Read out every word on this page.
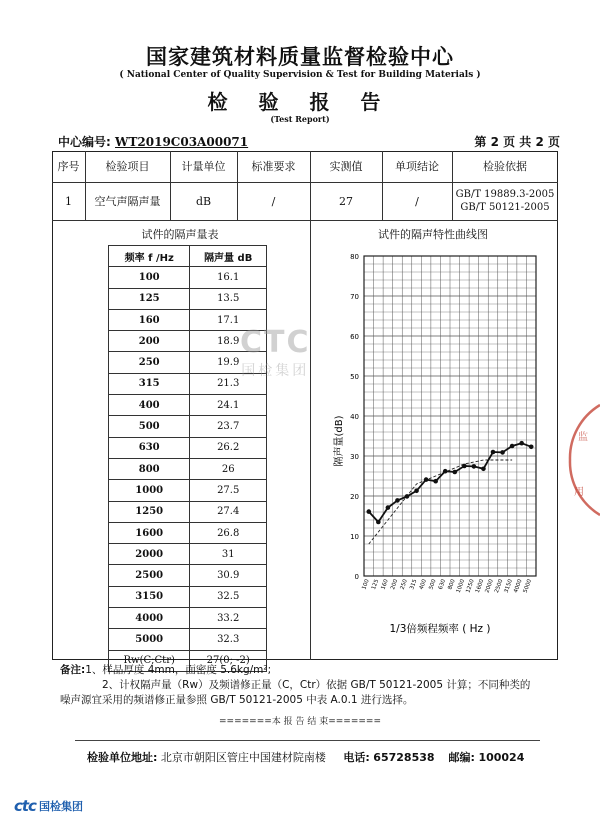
国家建筑材料质量监督检验中心
( National Center of Quality Supervision & Test for Building Materials )
检 验 报 告
(Test Report)
中心编号: WT2019C03A00071	第 2 页 共 2 页
序号	检验项目	计量单位	标准要求	实测值	单项结论	检验依据
1	空气声隔声量	dB	/	27	/	GB/T 19889.3-2005
GB/T 50121-2005
试件的隔声量表
频率 f /Hz	隔声量 dB
100	16.1
125	13.5
160	17.1
200	18.9
250	19.9
315	21.3
400	24.1
500	23.7
630	26.2
800	26
1000	27.5
1250	27.4
1600	26.8
2000	31
2500	30.9
3150	32.5
4000	33.2
5000	32.3
Rw(C;Ctr)	27(0; -2)
试件的隔声特性曲线图
0
10
20
30
40
50
60
70
80
100 125 160 200 250 315 400 500 630 800 1000 1250 1600 2000 2500 3150 4000 5000
隔声量(dB)
1/3倍频程频率 ( Hz )
CTC
国检集团
监
用
备注:1、样品厚度 4mm，面密度 5.6kg/m²;
2、计权隔声量（Rw）及频谱修正量（C，Ctr）依据 GB/T 50121-2005 计算；不同种类的
噪声源宜采用的频谱修正量参照 GB/T 50121-2005 中表 A.0.1 进行选择。
=======本 报 告 结 束=======
检验单位地址: 北京市朝阳区管庄中国建材院南楼 电话: 65728538 邮编: 100024
ctc 国检集团
